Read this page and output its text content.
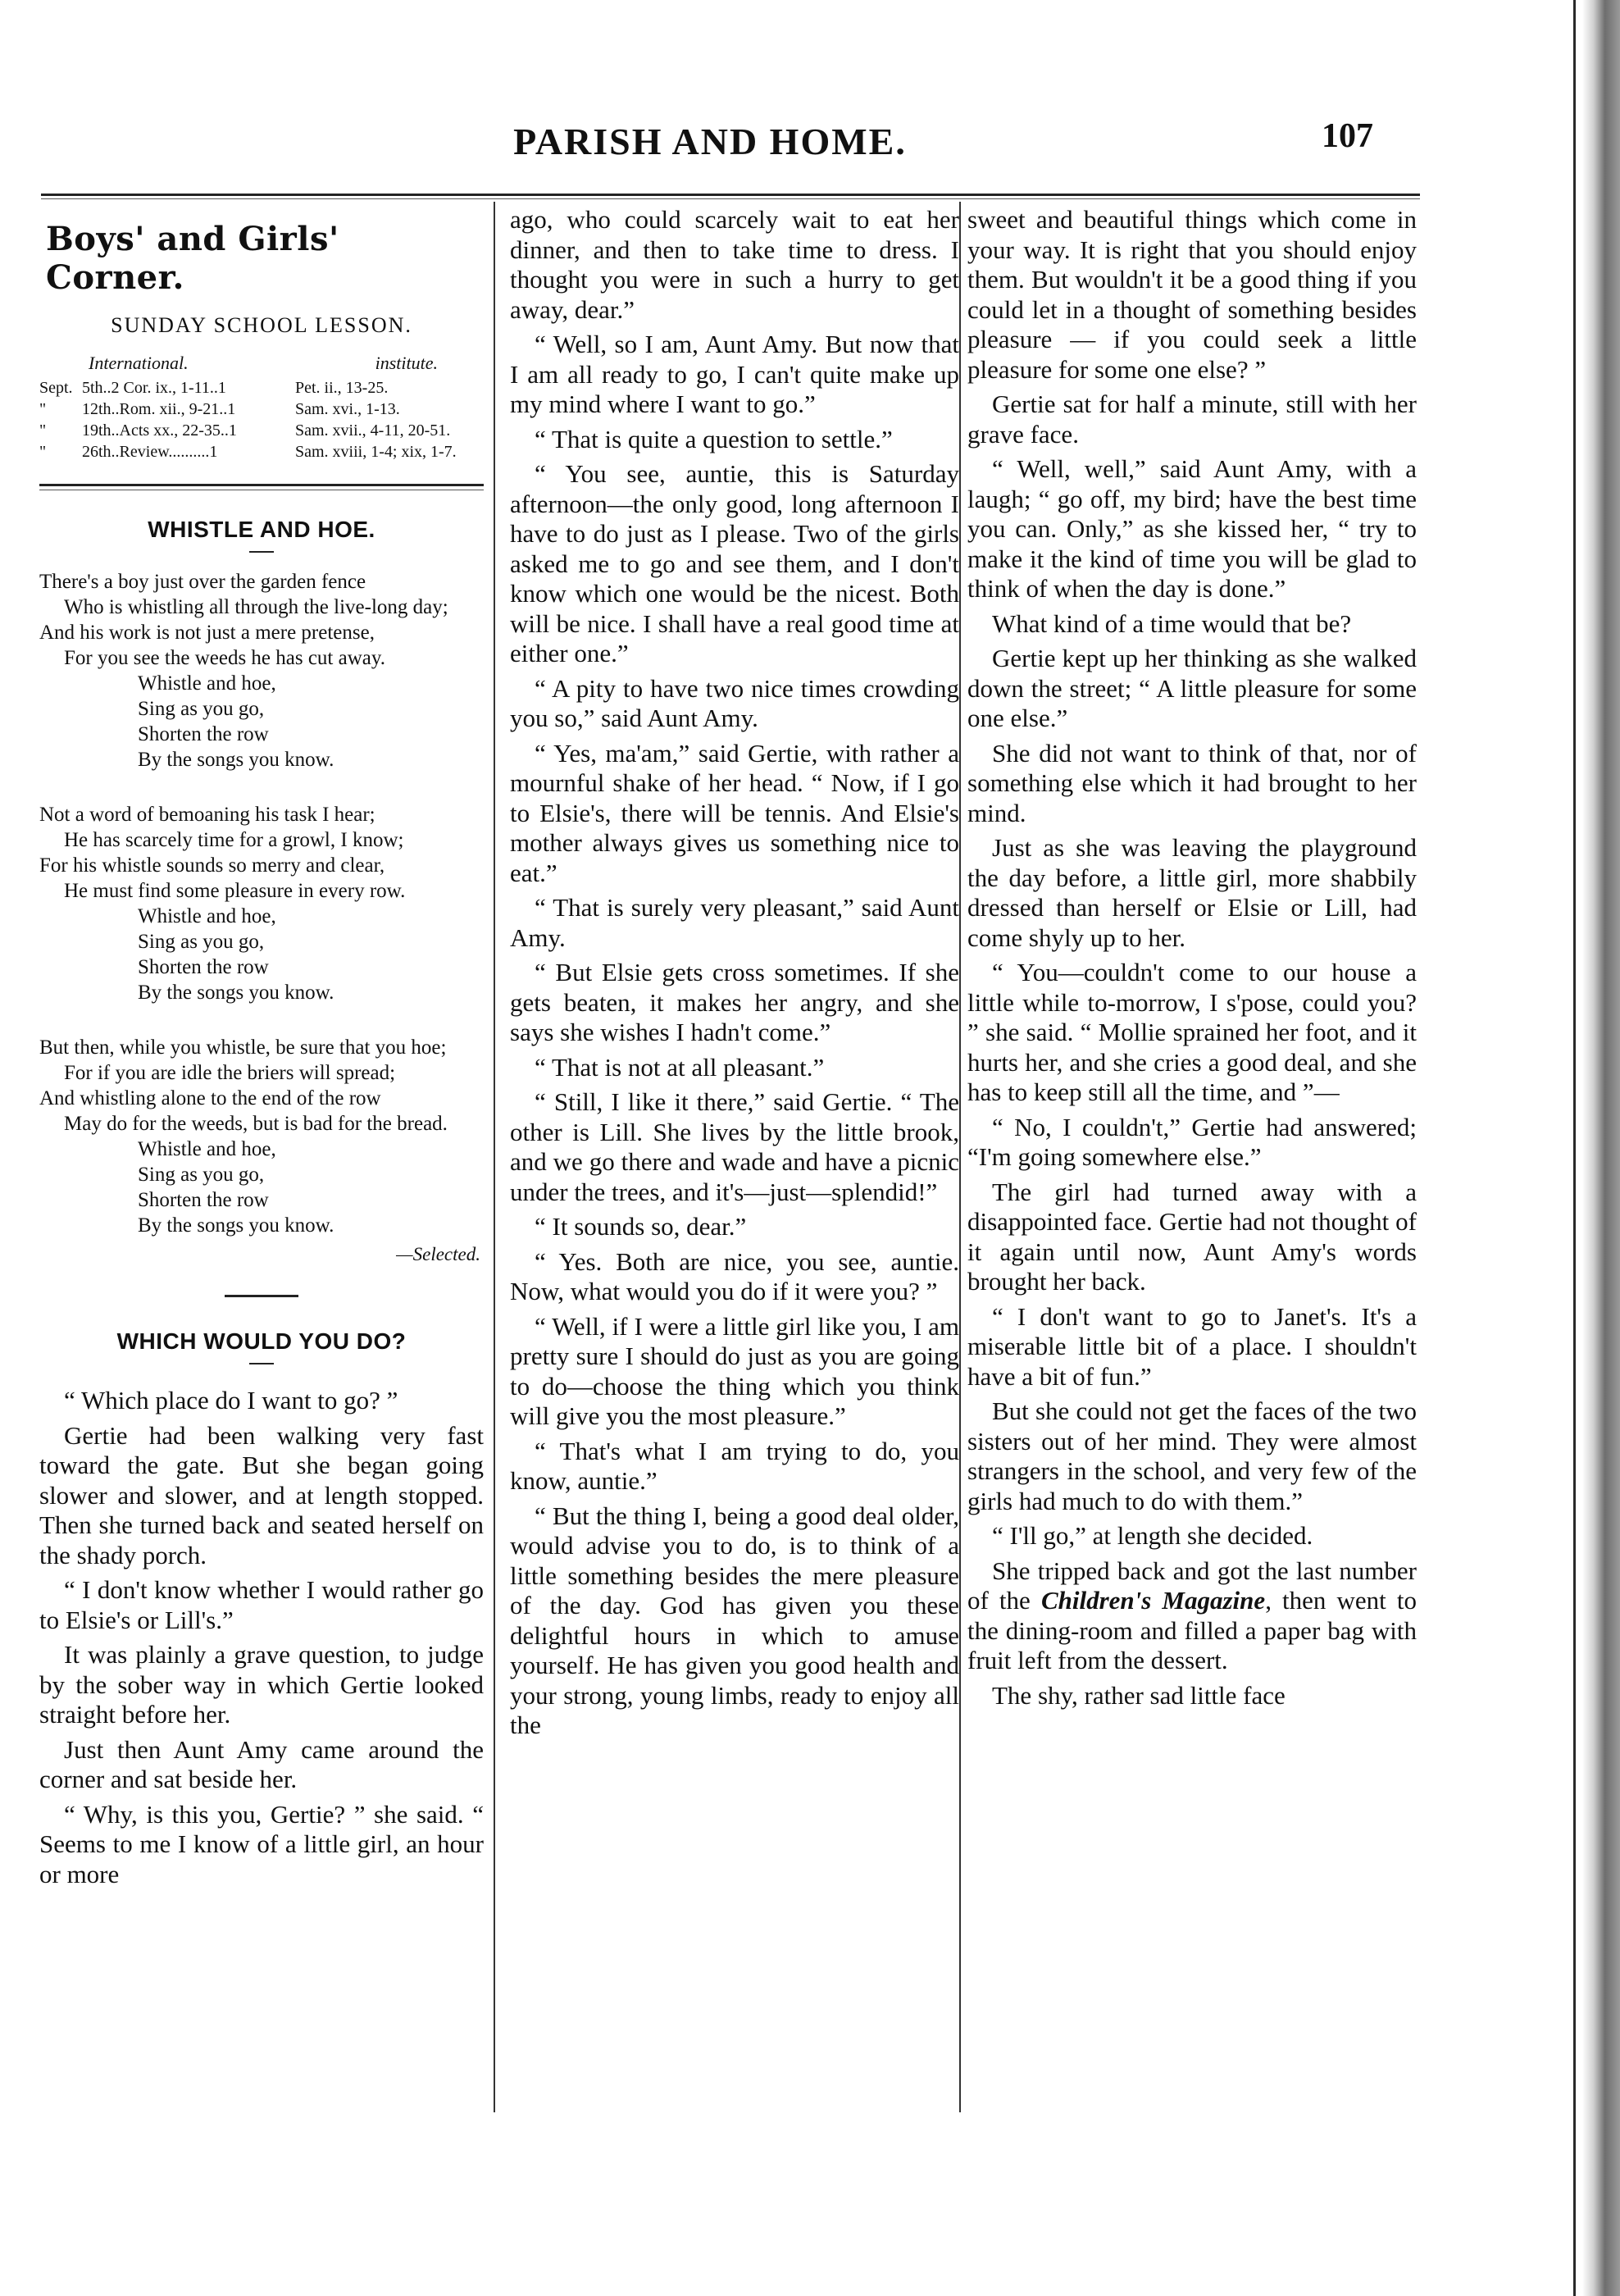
PARISH AND HOME.	107
Boys' and Girls' Corner.
SUNDAY SCHOOL LESSON.
International.	institute.
Sept. 5th..2 Cor. ix., 1-11..1	Pet. ii., 13-25.
"	12th..Rom. xii., 9-21..1	Sam. xvi., 1-13.
"	19th..Acts xx., 22-35..1	Sam. xvii., 4-11, 20-51.
"	26th..Review..........1	Sam. xviii, 1-4; xix, 1-7.
WHISTLE AND HOE.
There's a boy just over the garden fence
Who is whistling all through the live-long day;
And his work is not just a mere pretense,
For you see the weeds he has cut away.
Whistle and hoe,
Sing as you go,
Shorten the row
By the songs you know.
Not a word of bemoaning his task I hear;
He has scarcely time for a growl, I know;
For his whistle sounds so merry and clear,
He must find some pleasure in every row.
Whistle and hoe,
Sing as you go,
Shorten the row
By the songs you know.
But then, while you whistle, be sure that you hoe;
For if you are idle the briers will spread;
And whistling alone to the end of the row
May do for the weeds, but is bad for the bread.
Whistle and hoe,
Sing as you go,
Shorten the row
By the songs you know.
—Selected.
WHICH WOULD YOU DO?

“ Which place do I want to go? ”

Gertie had been walking very fast toward the gate. But she began going slower and slower, and at length stopped. Then she turned back and seated herself on the shady porch.

“ I don't know whether I would rather go to Elsie's or Lill's.”

It was plainly a grave question, to judge by the sober way in which Gertie looked straight before her.

Just then Aunt Amy came around the corner and sat beside her.

“ Why, is this you, Gertie? ” she said. “ Seems to me I know of a little girl, an hour or more

ago, who could scarcely wait to eat her dinner, and then to take time to dress. I thought you were in such a hurry to get away, dear.”

“ Well, so I am, Aunt Amy. But now that I am all ready to go, I can't quite make up my mind where I want to go.”

“ That is quite a question to settle.”

“ You see, auntie, this is Saturday afternoon—the only good, long afternoon I have to do just as I please. Two of the girls asked me to go and see them, and I don't know which one would be the nicest. Both will be nice. I shall have a real good time at either one.”

“ A pity to have two nice times crowding you so,” said Aunt Amy.

“ Yes, ma'am,” said Gertie, with rather a mournful shake of her head. “ Now, if I go to Elsie's, there will be tennis. And Elsie's mother always gives us something nice to eat.”

“ That is surely very pleasant,” said Aunt Amy.

“ But Elsie gets cross sometimes. If she gets beaten, it makes her angry, and she says she wishes I hadn't come.”

“ That is not at all pleasant.”

“ Still, I like it there,” said Gertie. “ The other is Lill. She lives by the little brook, and we go there and wade and have a picnic under the trees, and it's—just—splendid!”

“ It sounds so, dear.”

“ Yes. Both are nice, you see, auntie. Now, what would you do if it were you? ”

“ Well, if I were a little girl like you, I am pretty sure I should do just as you are going to do—choose the thing which you think will give you the most pleasure.”

“ That's what I am trying to do, you know, auntie.”

“ But the thing I, being a good deal older, would advise you to do, is to think of a little something besides the mere pleasure of the day. God has given you these delightful hours in which to amuse yourself. He has given you good health and your strong, young limbs, ready to enjoy all the

sweet and beautiful things which come in your way. It is right that you should enjoy them. But wouldn't it be a good thing if you could let in a thought of something besides pleasure — if you could seek a little pleasure for some one else? ”

Gertie sat for half a minute, still with her grave face.

“ Well, well,” said Aunt Amy, with a laugh; “ go off, my bird; have the best time you can. Only,” as she kissed her, “ try to make it the kind of time you will be glad to think of when the day is done.”

What kind of a time would that be?

Gertie kept up her thinking as she walked down the street; “ A little pleasure for some one else.”

She did not want to think of that, nor of something else which it had brought to her mind.

Just as she was leaving the playground the day before, a little girl, more shabbily dressed than herself or Elsie or Lill, had come shyly up to her.

“ You—couldn't come to our house a little while to-morrow, I s'pose, could you? ” she said. “ Mollie sprained her foot, and it hurts her, and she cries a good deal, and she has to keep still all the time, and ”—

“ No, I couldn't,” Gertie had answered; “I'm going somewhere else.”

The girl had turned away with a disappointed face. Gertie had not thought of it again until now, Aunt Amy's words brought her back.

“ I don't want to go to Janet's. It's a miserable little bit of a place. I shouldn't have a bit of fun.”

But she could not get the faces of the two sisters out of her mind. They were almost strangers in the school, and very few of the girls had much to do with them.”

“ I'll go,” at length she decided.

She tripped back and got the last number of the Children's Magazine, then went to the dining-room and filled a paper bag with fruit left from the dessert.

The shy, rather sad little face
